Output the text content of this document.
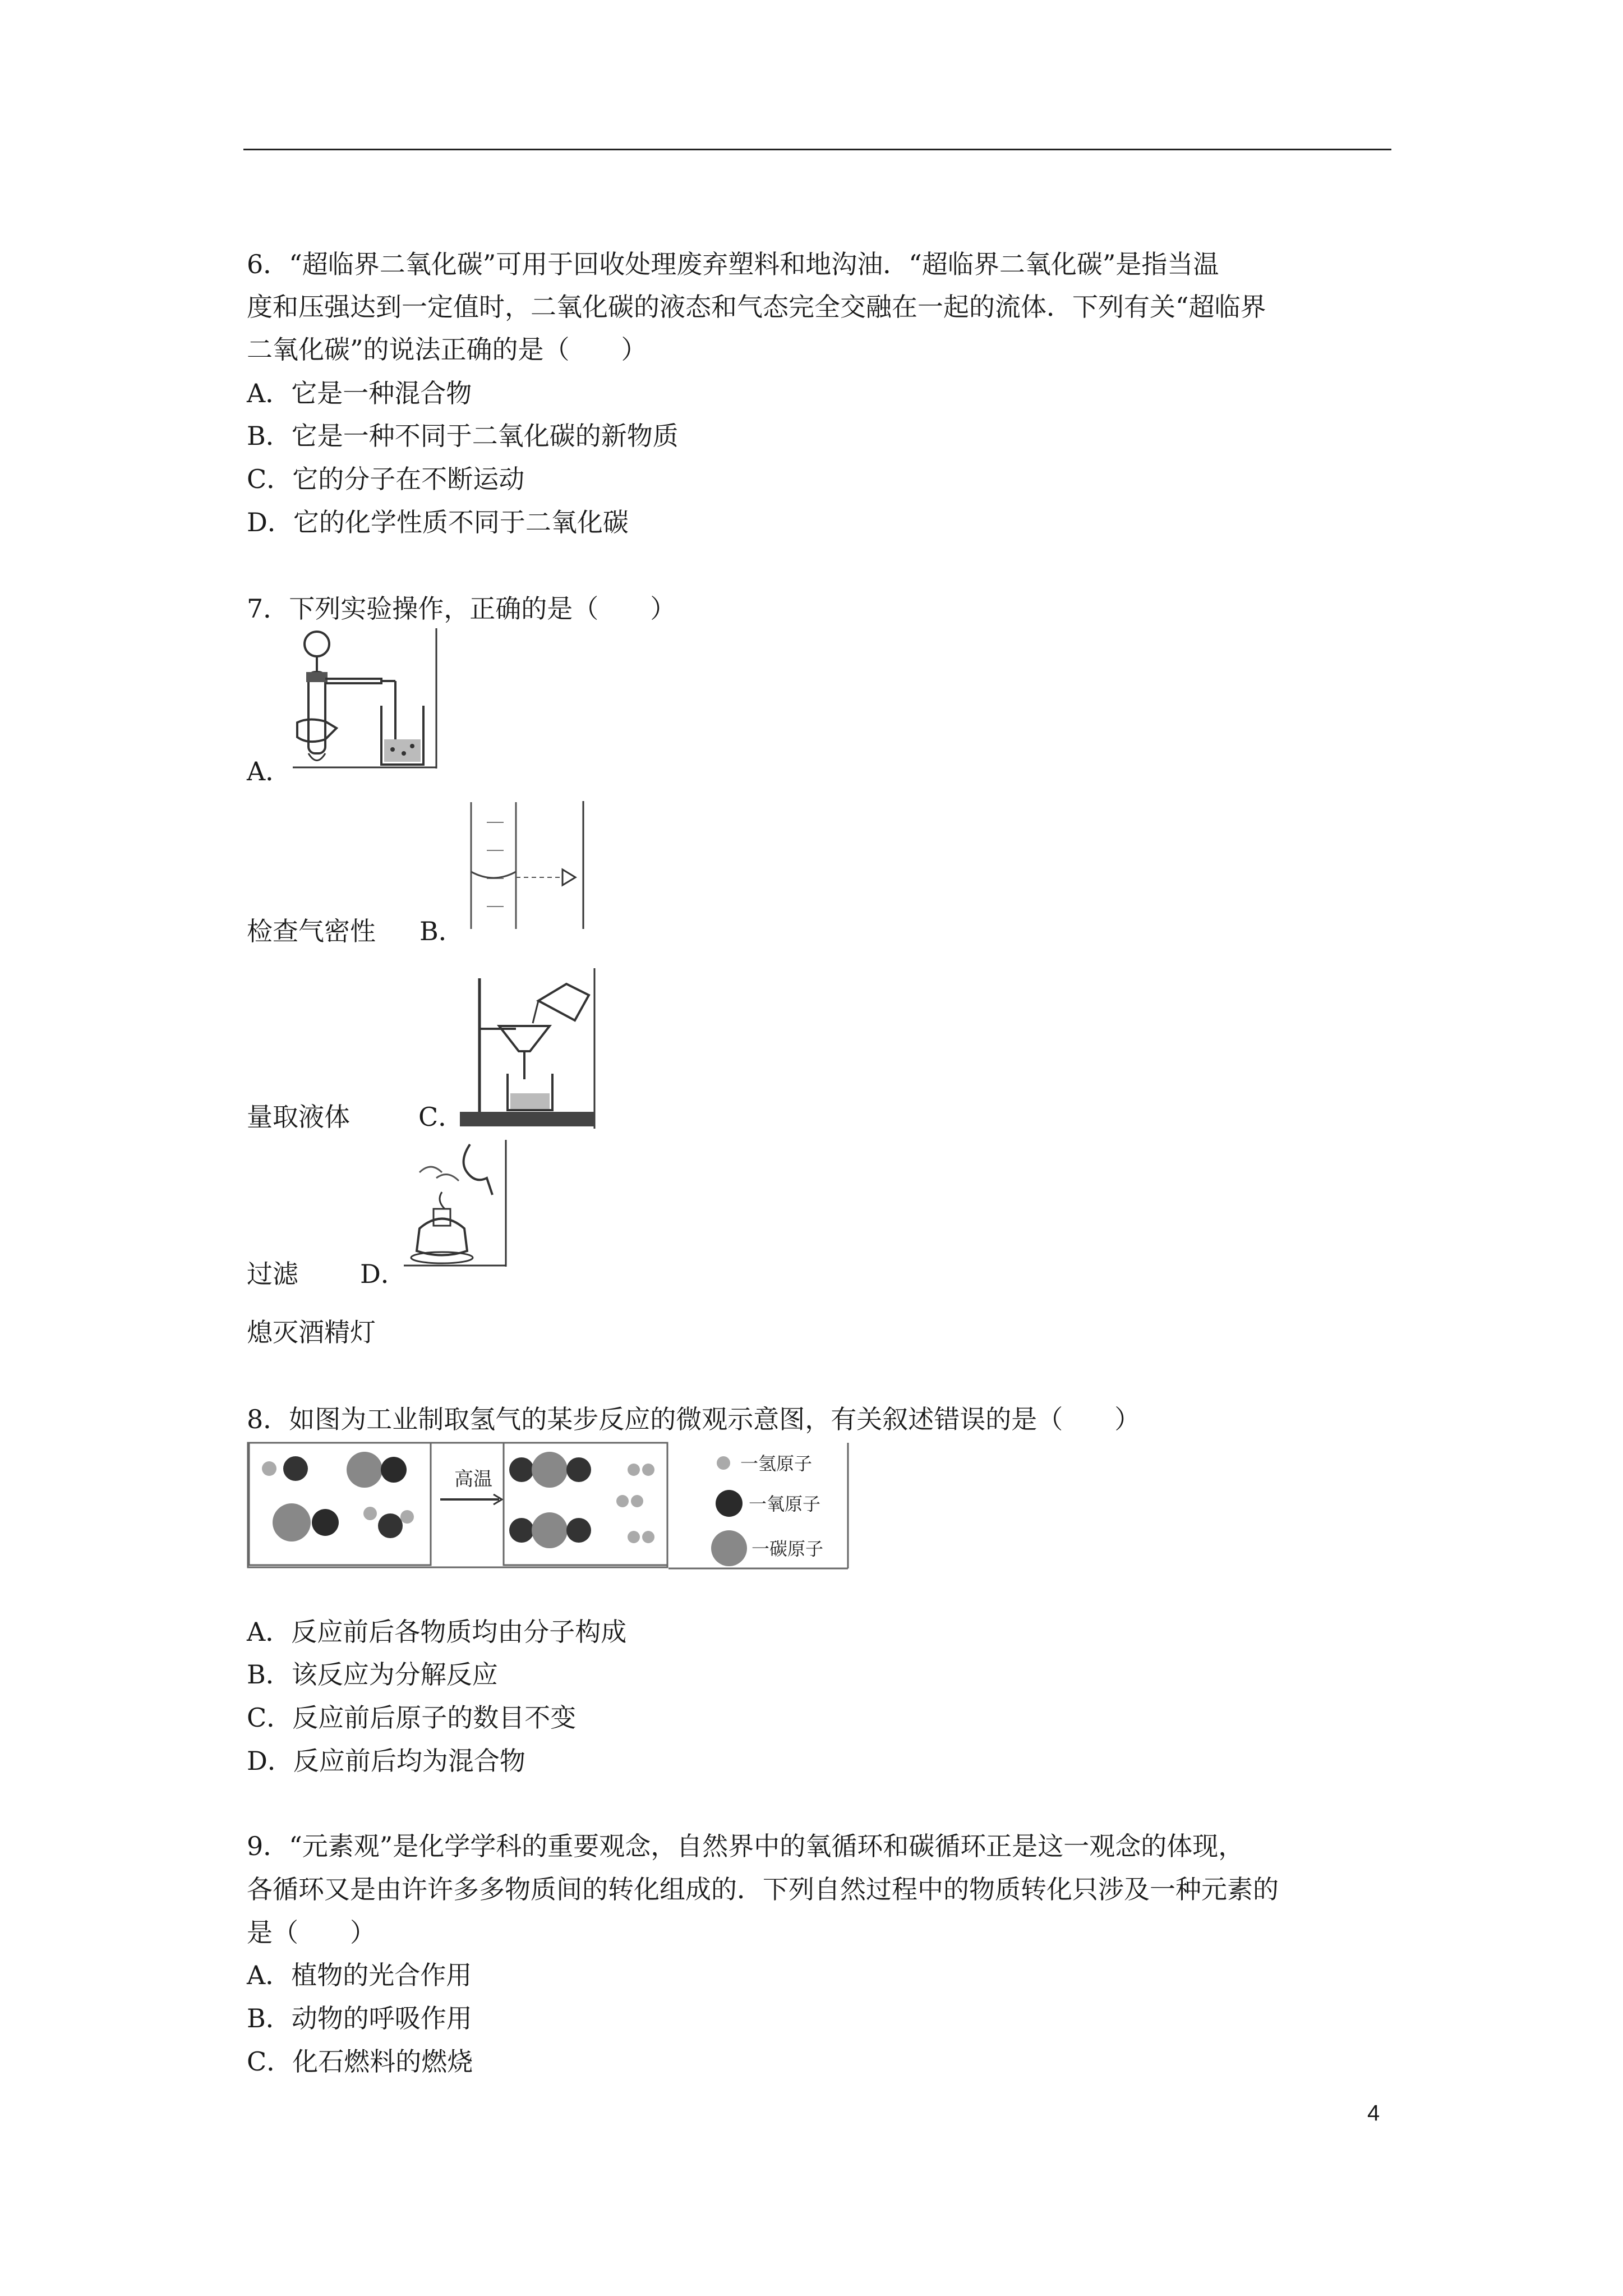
6．“超临界二氧化碳”可用于回收处理废弃塑料和地沟油．“超临界二氧化碳”是指当温
度和压强达到一定值时，二氧化碳的液态和气态完全交融在一起的流体．下列有关“超临界
二氧化碳”的说法正确的是（　　）
A．它是一种混合物
B．它是一种不同于二氧化碳的新物质
C．它的分子在不断运动
D．它的化学性质不同于二氧化碳
7．下列实验操作，正确的是（　　）
A．
检查气密性 B．
量取液体	C．
过滤 D．
熄灭酒精灯
8．如图为工业制取氢气的某步反应的微观示意图，有关叙述错误的是（　　）
高温
一氢原子
一氧原子
一碳原子
A．反应前后各物质均由分子构成
B．该反应为分解反应
C．反应前后原子的数目不变
D．反应前后均为混合物
9．“元素观”是化学学科的重要观念，自然界中的氧循环和碳循环正是这一观念的体现，
各循环又是由许许多多物质间的转化组成的．下列自然过程中的物质转化只涉及一种元素的
是（　　）
A．植物的光合作用
B．动物的呼吸作用
C．化石燃料的燃烧
4
